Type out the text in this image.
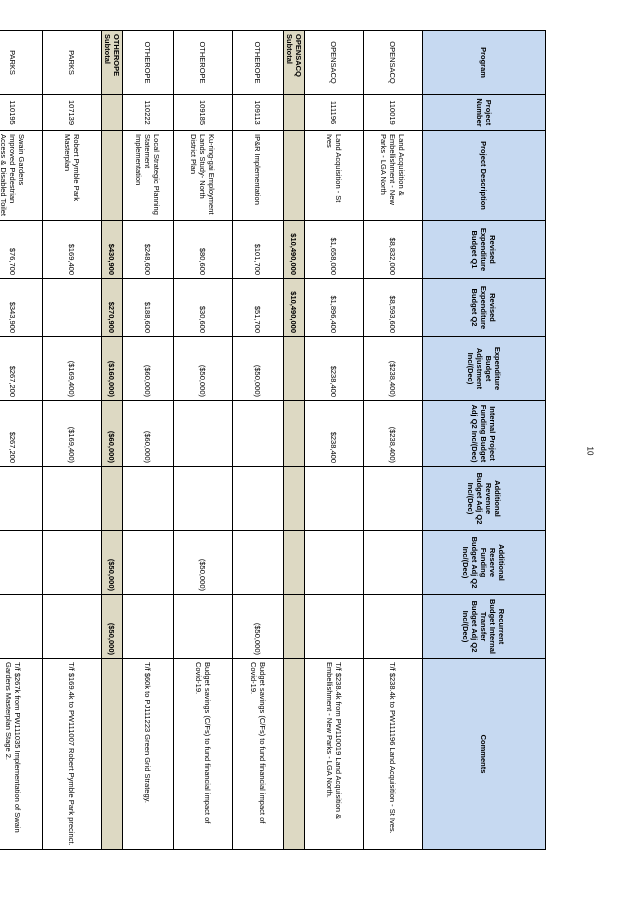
Program	Project Number	Project Description	Revised Expenditure Budget Q1	Revised Expenditure Budget Q2	Expenditure Budget Adjustment Inc/(Dec)	Internal Project Funding Budget Adj Q2 Inc/(Dec)	Additional Revenue Budget Adj Q2 Inc/(Dec)	Additional Reserve Funding Budget Adj Q2 Inc/(Dec)	Recurrent Budget Internal Transfer Budget Adj Q2 Inc/(Dec)	Comments
OPENSACQ	110019	Land Acquisition & Embellishment - New Parks - LGA North	$8,832,000	$8,593,600	($238,400)	($238,400)				T/f $238.4k to PW111196 Land Acquisition - St Ives.
OPENSACQ	111196	Land Acquisition - St Ives	$1,658,000	$1,896,400	$238,400	$238,400				T/f $238.4k from PW110019 Land Acquisition & Embellishment - New Parks - LGA North.
OPENSACQ Subtotal			$10,490,000	$10,490,000						
OTHEROPE	109113	IP&R Implementation	$101,700	$51,700	($50,000)				($50,000)	Budget savings (C/Fs) to fund financial impact of Covid-19.
OTHEROPE	109185	Ku-ring-gai Employment Lands Study- North District Plan	$80,600	$30,600	($50,000)			($50,000)		Budget savings (C/Fs) to fund financial impact of Covid-19.
OTHEROPE	110222	Local Strategic Planning Statement Implementation	$248,600	$188,600	($60,000)	($60,000)				T/f $60k to PJ111223 Green Grid Strategy.
OTHEROPE Subtotal			$430,900	$270,900	($160,000)	($60,000)		($50,000)	($50,000)	
PARKS	107139	Robert Pymble Park Masterplan	$169,400		($169,400)	($169,400)				T/f $169.4k to PW111007 Robert Pymble Park precinct.
PARKS	110195	Swain Gardens Improved Pedestrian Access & Disabled Toilet	$76,700	$343,900	$267,200	$267,200				T/f $267k from PW111035 Implementation of Swain Gardens Masterplan Stage 2.

10
